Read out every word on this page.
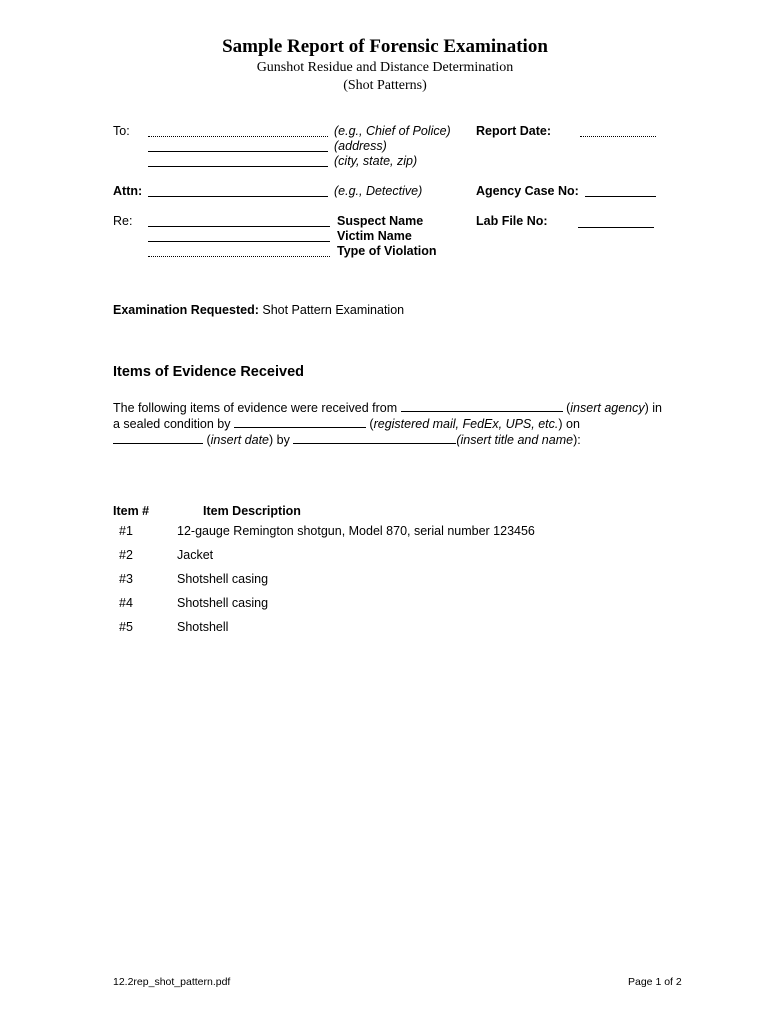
Sample Report of Forensic Examination
Gunshot Residue and Distance Determination
(Shot Patterns)
To:	(e.g., Chief of Police)
(address)
(city, state, zip)
Report Date:
Attn:	(e.g., Detective)	Agency Case No:
Re:	Suspect Name
Victim Name
Type of Violation
Lab File No:
Examination Requested: Shot Pattern Examination
Items of Evidence Received
The following items of evidence were received from	(insert agency) in
a sealed condition by	(registered mail, FedEx, UPS, etc.) on
(insert date) by	(insert title and name):
Item #	Item Description
#1	12-gauge Remington shotgun, Model 870, serial number 123456
#2	Jacket
#3	Shotshell casing
#4	Shotshell casing
#5	Shotshell
12.2rep_shot_pattern.pdf	Page 1 of 2
